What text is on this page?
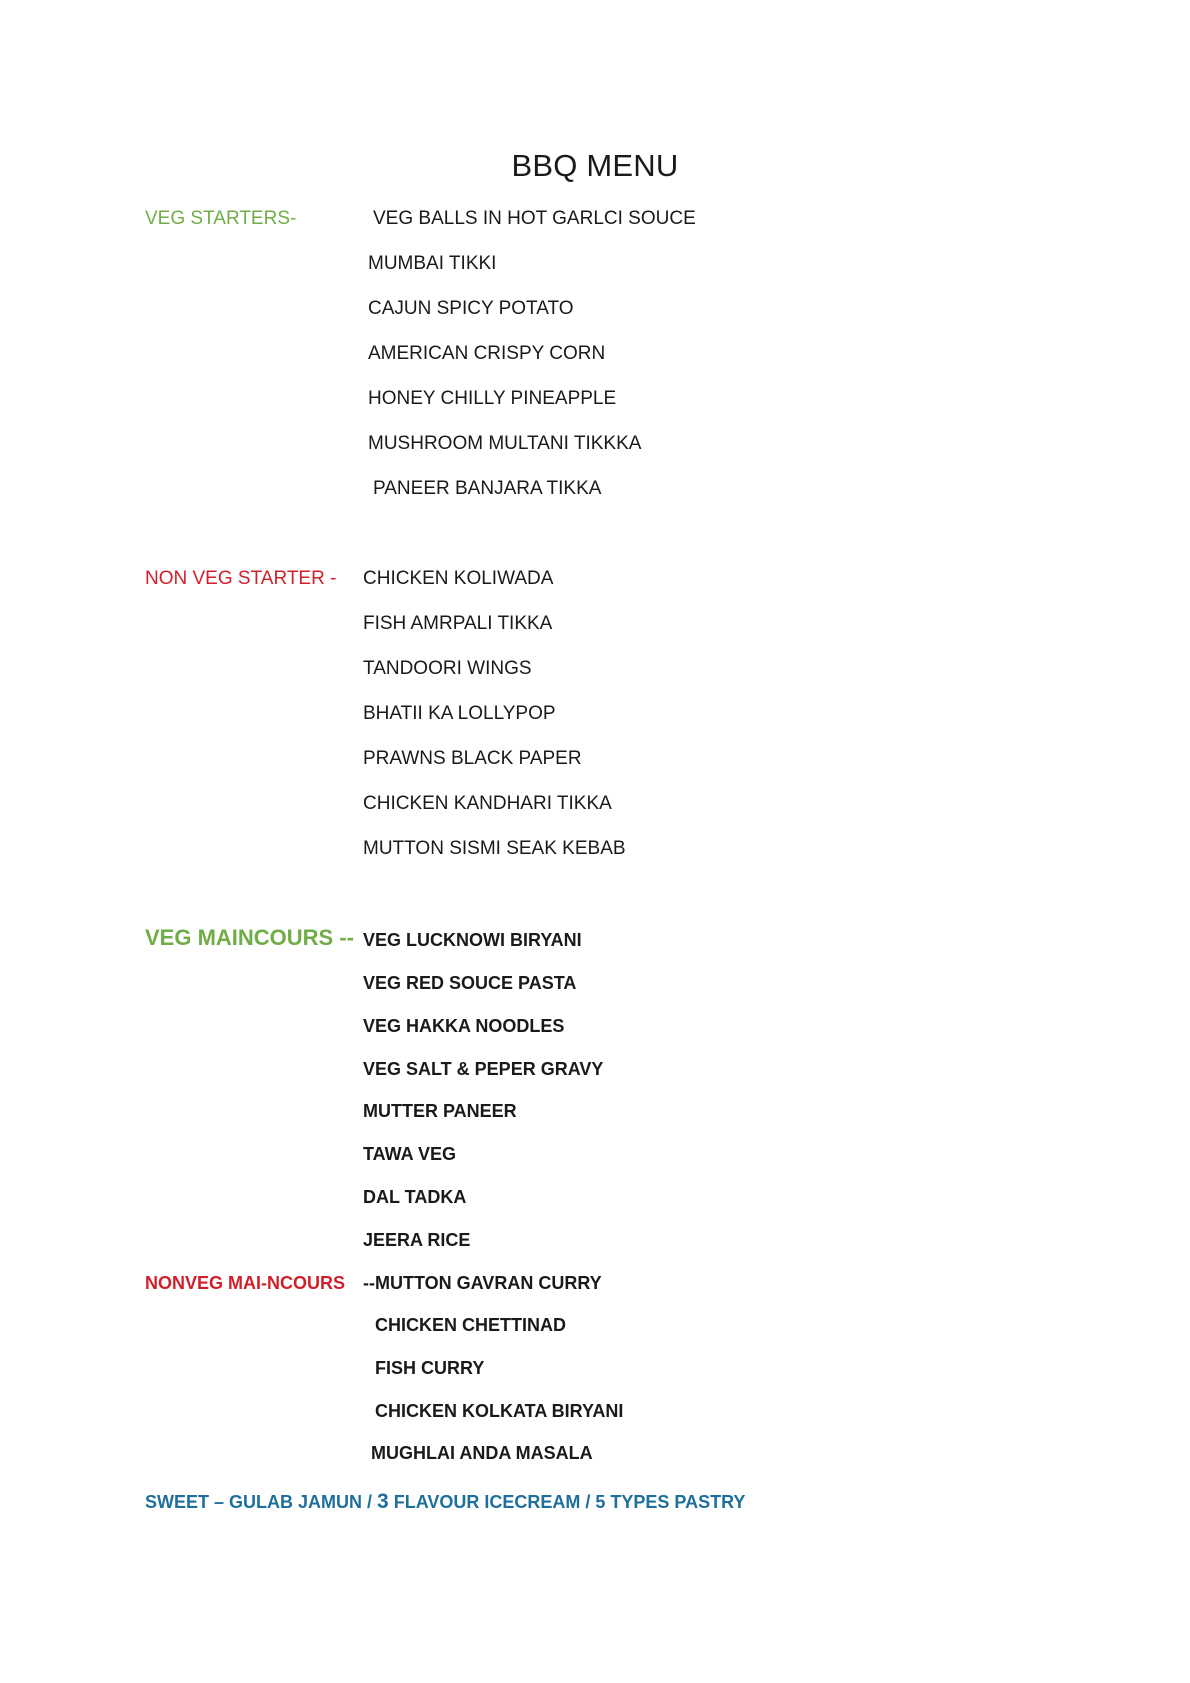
BBQ MENU
VEG STARTERS-	VEG BALLS IN HOT GARLCI SOUCE
MUMBAI TIKKI
CAJUN SPICY POTATO
AMERICAN CRISPY CORN
HONEY CHILLY PINEAPPLE
MUSHROOM MULTANI TIKKKA
PANEER BANJARA TIKKA
NON VEG STARTER - CHICKEN KOLIWADA
FISH AMRPALI TIKKA
TANDOORI WINGS
BHATII KA LOLLYPOP
PRAWNS BLACK PAPER
CHICKEN KANDHARI TIKKA
MUTTON SISMI SEAK KEBAB
VEG MAINCOURS -- VEG LUCKNOWI BIRYANI
VEG RED SOUCE PASTA
VEG HAKKA NOODLES
VEG SALT & PEPER GRAVY
MUTTER PANEER
TAWA VEG
DAL TADKA
JEERA RICE
NONVEG MAI-NCOURS --MUTTON GAVRAN CURRY
CHICKEN CHETTINAD
FISH CURRY
CHICKEN KOLKATA BIRYANI
MUGHLAI ANDA MASALA
SWEET – GULAB JAMUN / 3 FLAVOUR ICECREAM / 5 TYPES PASTRY
